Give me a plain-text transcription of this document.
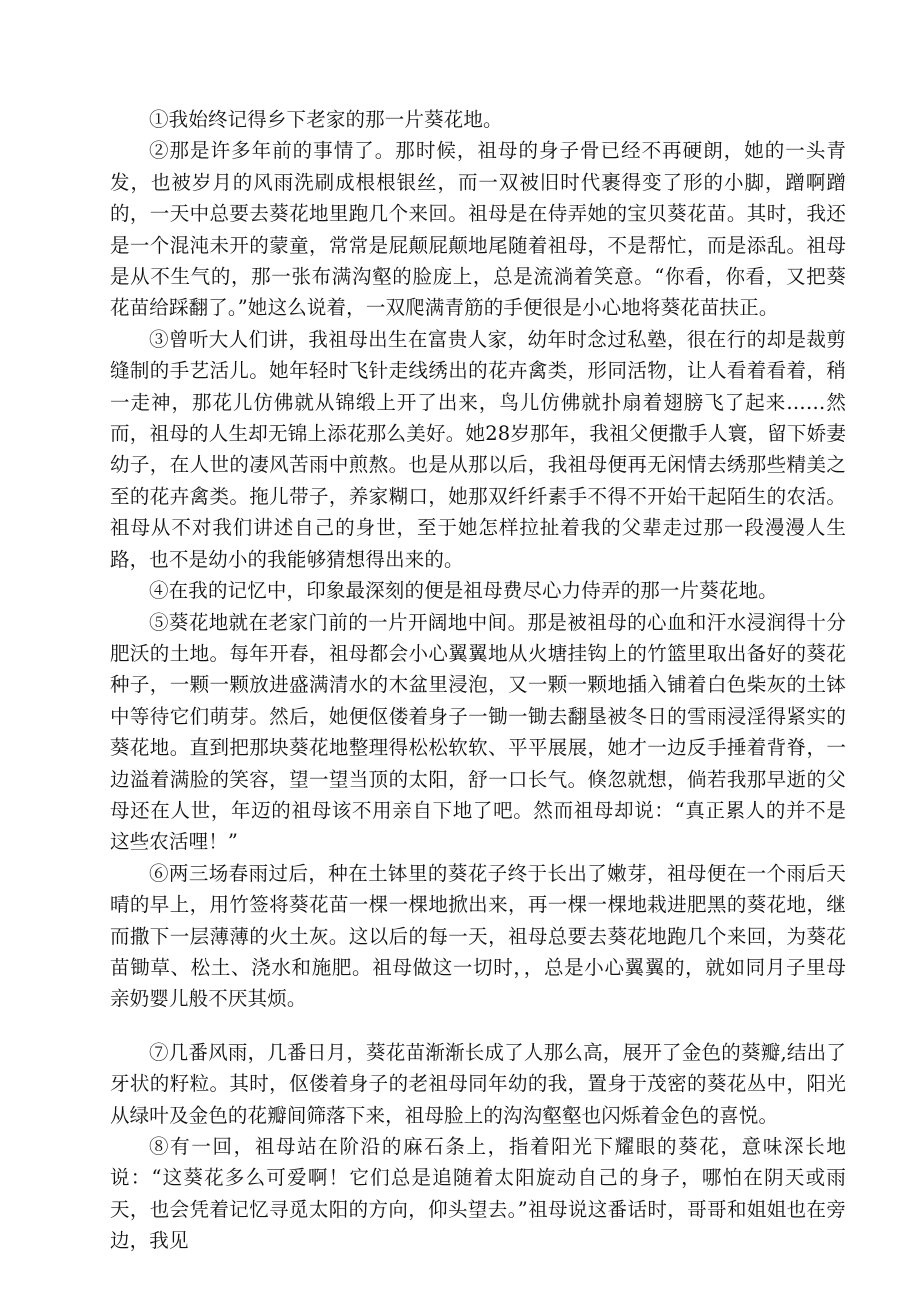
①我始终记得乡下老家的那一片葵花地。

②那是许多年前的事情了。那时候，祖母的身子骨已经不再硬朗，她的一头青发，也被岁月的风雨洗刷成根根银丝，而一双被旧时代裹得变了形的小脚，蹭啊蹭的，一天中总要去葵花地里跑几个来回。祖母是在侍弄她的宝贝葵花苗。其时，我还是一个混沌未开的蒙童，常常是屁颠屁颠地尾随着祖母，不是帮忙，而是添乱。祖母是从不生气的，那一张布满沟壑的脸庞上，总是流淌着笑意。“你看，你看，又把葵花苗给踩翻了。”她这么说着，一双爬满青筋的手便很是小心地将葵花苗扶正。

③曾听大人们讲，我祖母出生在富贵人家，幼年时念过私塾，很在行的却是裁剪缝制的手艺活儿。她年轻时飞针走线绣出的花卉禽类，形同活物，让人看着看着，稍一走神，那花儿仿佛就从锦缎上开了出来，鸟儿仿佛就扑扇着翅膀飞了起来……然而，祖母的人生却无锦上添花那么美好。她28岁那年，我祖父便撒手人寰，留下娇妻幼子，在人世的凄风苦雨中煎熬。也是从那以后，我祖母便再无闲情去绣那些精美之至的花卉禽类。拖儿带子，养家糊口，她那双纤纤素手不得不开始干起陌生的农活。祖母从不对我们讲述自己的身世，至于她怎样拉扯着我的父辈走过那一段漫漫人生路，也不是幼小的我能够猜想得出来的。

④在我的记忆中，印象最深刻的便是祖母费尽心力侍弄的那一片葵花地。

⑤葵花地就在老家门前的一片开阔地中间。那是被祖母的心血和汗水浸润得十分肥沃的土地。每年开春，祖母都会小心翼翼地从火塘挂钩上的竹篮里取出备好的葵花种子，一颗一颗放进盛满清水的木盆里浸泡，又一颗一颗地插入铺着白色柴灰的土钵中等待它们萌芽。然后，她便伛偻着身子一锄一锄去翻垦被冬日的雪雨浸淫得紧实的葵花地。直到把那块葵花地整理得松松软软、平平展展，她才一边反手捶着背脊，一边溢着满脸的笑容，望一望当顶的太阳，舒一口长气。倏忽就想，倘若我那早逝的父母还在人世，年迈的祖母该不用亲自下地了吧。然而祖母却说：“真正累人的并不是这些农活哩！”

⑥两三场春雨过后，种在土钵里的葵花子终于长出了嫩芽，祖母便在一个雨后天晴的早上，用竹签将葵花苗一棵一棵地掀出来，再一棵一棵地栽进肥黑的葵花地，继而撒下一层薄薄的火土灰。这以后的每一天，祖母总要去葵花地跑几个来回，为葵花苗锄草、松土、浇水和施肥。祖母做这一切时，，总是小心翼翼的，就如同月子里母亲奶婴儿般不厌其烦。

⑦几番风雨，几番日月，葵花苗渐渐长成了人那么高，展开了金色的葵瓣,结出了牙状的籽粒。其时，伛偻着身子的老祖母同年幼的我，置身于茂密的葵花丛中，阳光从绿叶及金色的花瓣间筛落下来，祖母脸上的沟沟壑壑也闪烁着金色的喜悦。

⑧有一回，祖母站在阶沿的麻石条上，指着阳光下耀眼的葵花，意味深长地说：“这葵花多么可爱啊！它们总是追随着太阳旋动自己的身子，哪怕在阴天或雨天，也会凭着记忆寻觅太阳的方向，仰头望去。”祖母说这番话时，哥哥和姐姐也在旁边，我见
